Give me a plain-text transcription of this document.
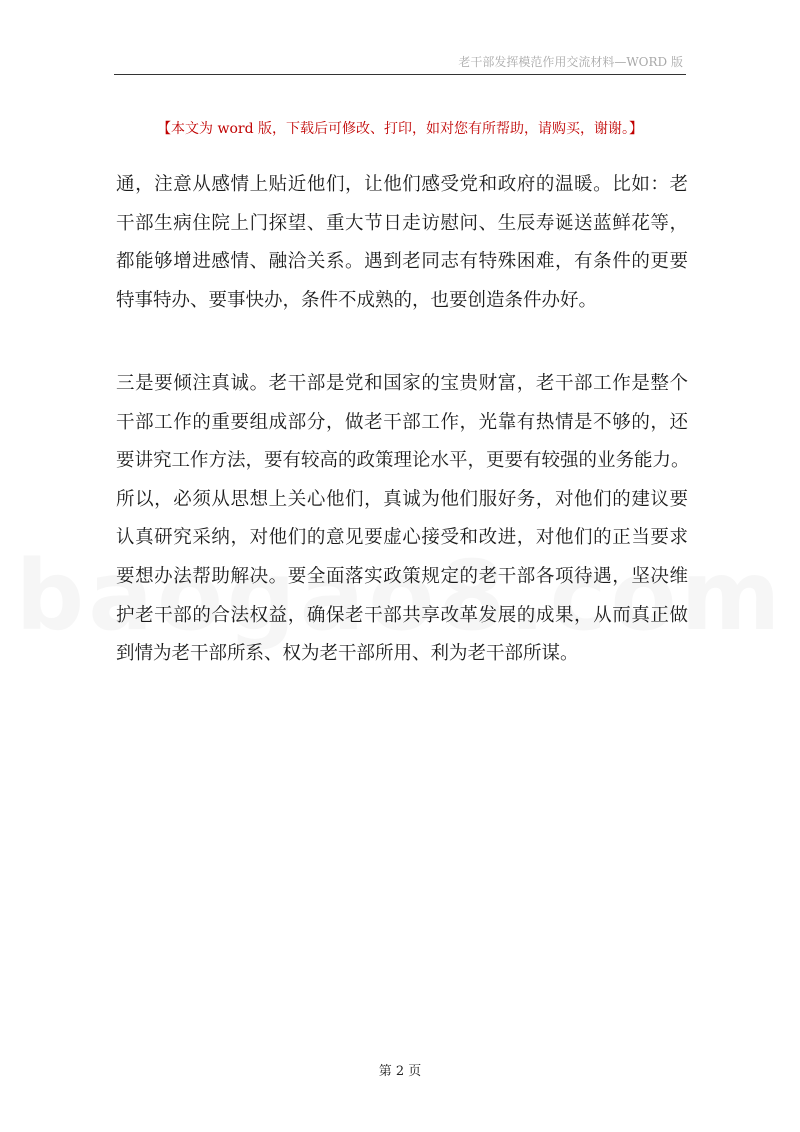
老干部发挥模范作用交流材料—WORD 版
【本文为 word 版，下载后可修改、打印，如对您有所帮助，请购买，谢谢。】
通，注意从感情上贴近他们，让他们感受党和政府的温暖。比如：老
干部生病住院上门探望、重大节日走访慰问、生辰寿诞送蓝鲜花等，
都能够增进感情、融洽关系。遇到老同志有特殊困难，有条件的更要
特事特办、要事快办，条件不成熟的，也要创造条件办好。
三是要倾注真诚。老干部是党和国家的宝贵财富，老干部工作是整个
干部工作的重要组成部分，做老干部工作，光靠有热情是不够的，还
要讲究工作方法，要有较高的政策理论水平，更要有较强的业务能力。
所以，必须从思想上关心他们，真诚为他们服好务，对他们的建议要
认真研究采纳，对他们的意见要虚心接受和改进，对他们的正当要求
要想办法帮助解决。要全面落实政策规定的老干部各项待遇，坚决维
护老干部的合法权益，确保老干部共享改革发展的成果，从而真正做
到情为老干部所系、权为老干部所用、利为老干部所谋。
第 2 页
